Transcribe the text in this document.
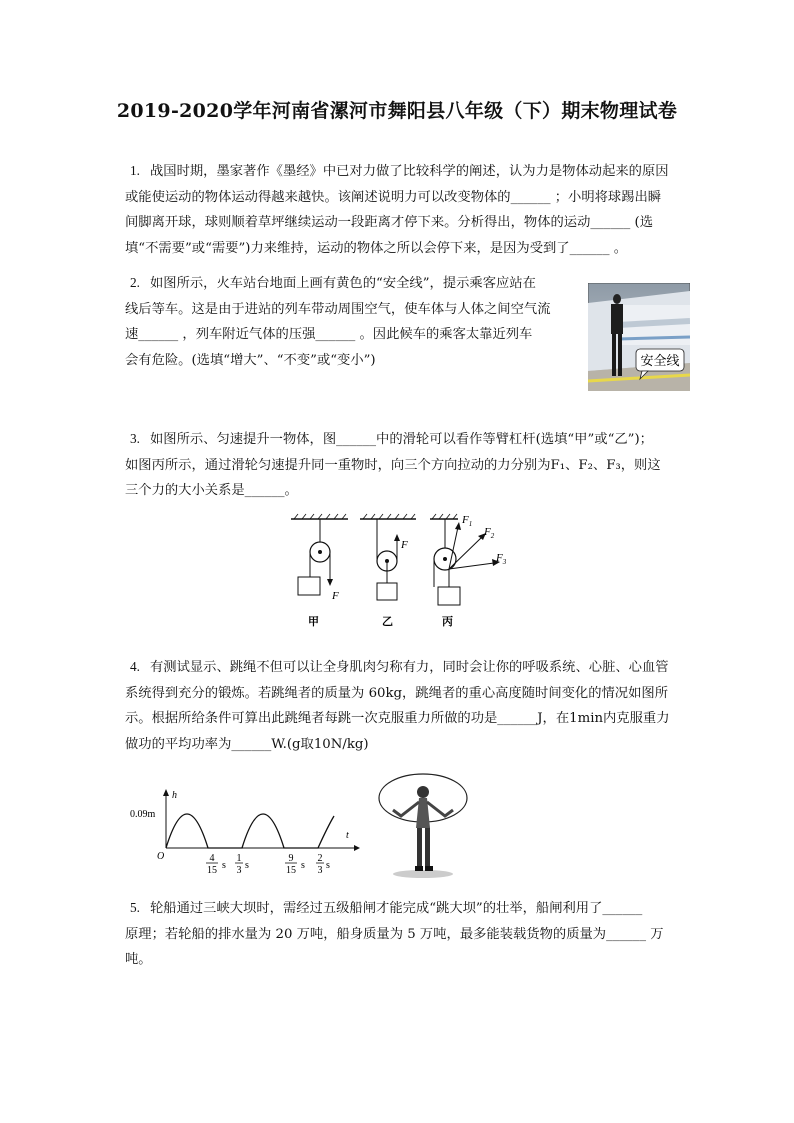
2019-2020学年河南省漯河市舞阳县八年级（下）期末物理试卷

1. 战国时期，墨家著作《墨经》中已对力做了比较科学的阐述，认为力是物体动起来的原因

或能使运动的物体运动得越来越快。该阐述说明力可以改变物体的______ ；小明将球踢出瞬

间脚离开球，球则顺着草坪继续运动一段距离才停下来。分析得出，物体的运动______ (选

填“不需要”或“需要”)力来维持，运动的物体之所以会停下来，是因为受到了______ 。

2. 如图所示，火车站台地面上画有黄色的“安全线”，提示乘客应站在

线后等车。这是由于进站的列车带动周围空气，使车体与人体之间空气流

速______ ，列车附近气体的压强______ 。因此候车的乘客太靠近列车

会有危险。(选填“增大”、“不变”或“变小”)	安全线

3. 如图所示、匀速提升一物体，图______中的滑轮可以看作等臂杠杆(选填“甲”或“乙”)；

如图丙所示，通过滑轮匀速提升同一重物时，向三个方向拉动的力分别为F₁、F₂、F₃，则这

三个力的大小关系是______。

F
甲
F
乙
$F_1$
$F_2$
$F_3$
丙

4. 有测试显示、跳绳不但可以让全身肌肉匀称有力，同时会让你的呼吸系统、心脏、心血管

系统得到充分的锻炼。若跳绳者的质量为 60kg，跳绳者的重心高度随时间变化的情况如图所

示。根据所给条件可算出此跳绳者每跳一次克服重力所做的功是______J，在1min内克服重力

做功的平均功率为______W.(g取10N/kg)

h
t
O
0.09m
4
15 s
1
3 s
9
15 s
2
3 s

5. 轮船通过三峡大坝时，需经过五级船闸才能完成“跳大坝”的壮举，船闸利用了______

原理；若轮船的排水量为 20 万吨，船身质量为 5 万吨，最多能装载货物的质量为______ 万

吨。
